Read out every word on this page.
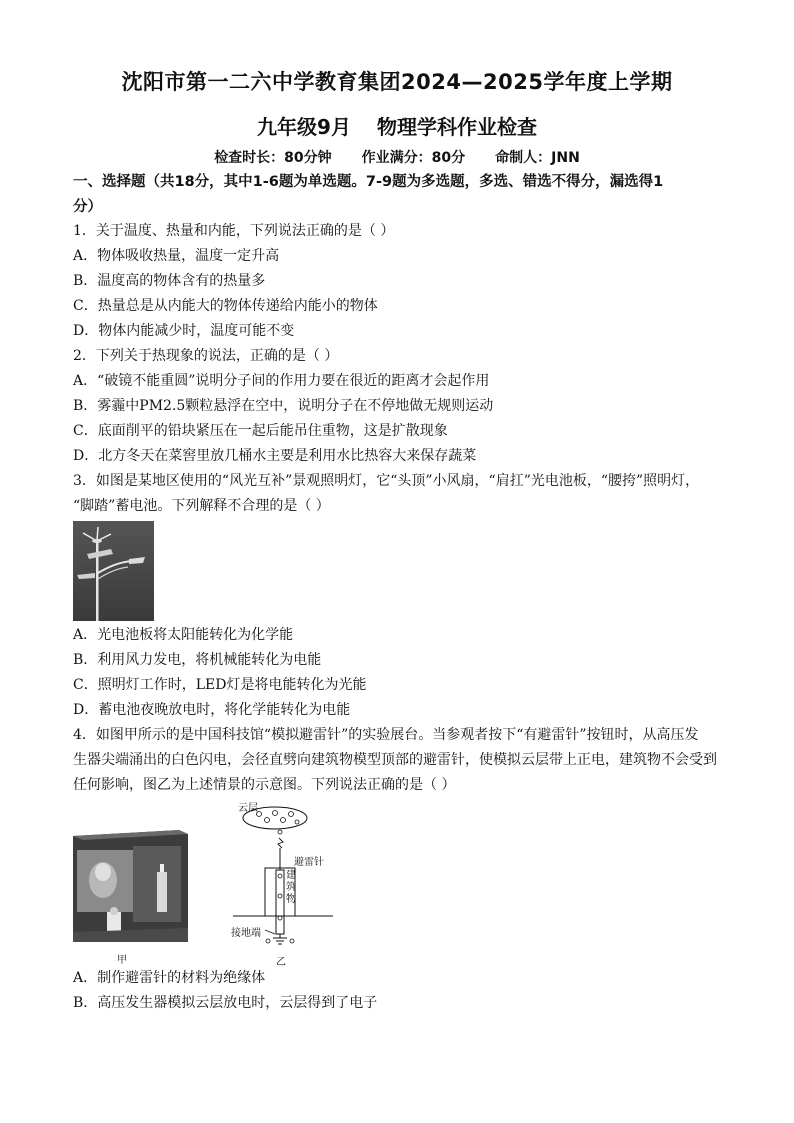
沈阳市第一二六中学教育集团2024—2025学年度上学期
九年级9月 物理学科作业检查
检查时长：80分钟 作业满分：80分 命制人：JNN
一、选择题（共18分，其中1-6题为单选题。7-9题为多选题，多选、错选不得分，漏选得1
分）
1．关于温度、热量和内能，下列说法正确的是（ ）
A．物体吸收热量，温度一定升高
B．温度高的物体含有的热量多
C．热量总是从内能大的物体传递给内能小的物体
D．物体内能减少时，温度可能不变
2．下列关于热现象的说法，正确的是（ ）
A．“破镜不能重圆”说明分子间的作用力要在很近的距离才会起作用
B．雾霾中PM2.5颗粒悬浮在空中，说明分子在不停地做无规则运动
C．底面削平的铅块紧压在一起后能吊住重物，这是扩散现象
D．北方冬天在菜窖里放几桶水主要是利用水比热容大来保存蔬菜
3．如图是某地区使用的“风光互补”景观照明灯，它“头顶”小风扇，“肩扛”光电池板，“腰挎”照明灯，
“脚踏”蓄电池。下列解释不合理的是（ ）
A．光电池板将太阳能转化为化学能
B．利用风力发电，将机械能转化为电能
C．照明灯工作时，LED灯是将电能转化为光能
D．蓄电池夜晚放电时，将化学能转化为电能
4．如图甲所示的是中国科技馆“模拟避雷针”的实验展台。当参观者按下“有避雷针”按钮时，从高压发
生器尖端涌出的白色闪电，会径直劈向建筑物模型顶部的避雷针，使模拟云层带上正电，建筑物不会受到
任何影响，图乙为上述情景的示意图。下列说法正确的是（ ）
甲
云层
避雷针
建筑物
接地端
乙
A．制作避雷针的材料为绝缘体
B．高压发生器模拟云层放电时，云层得到了电子
